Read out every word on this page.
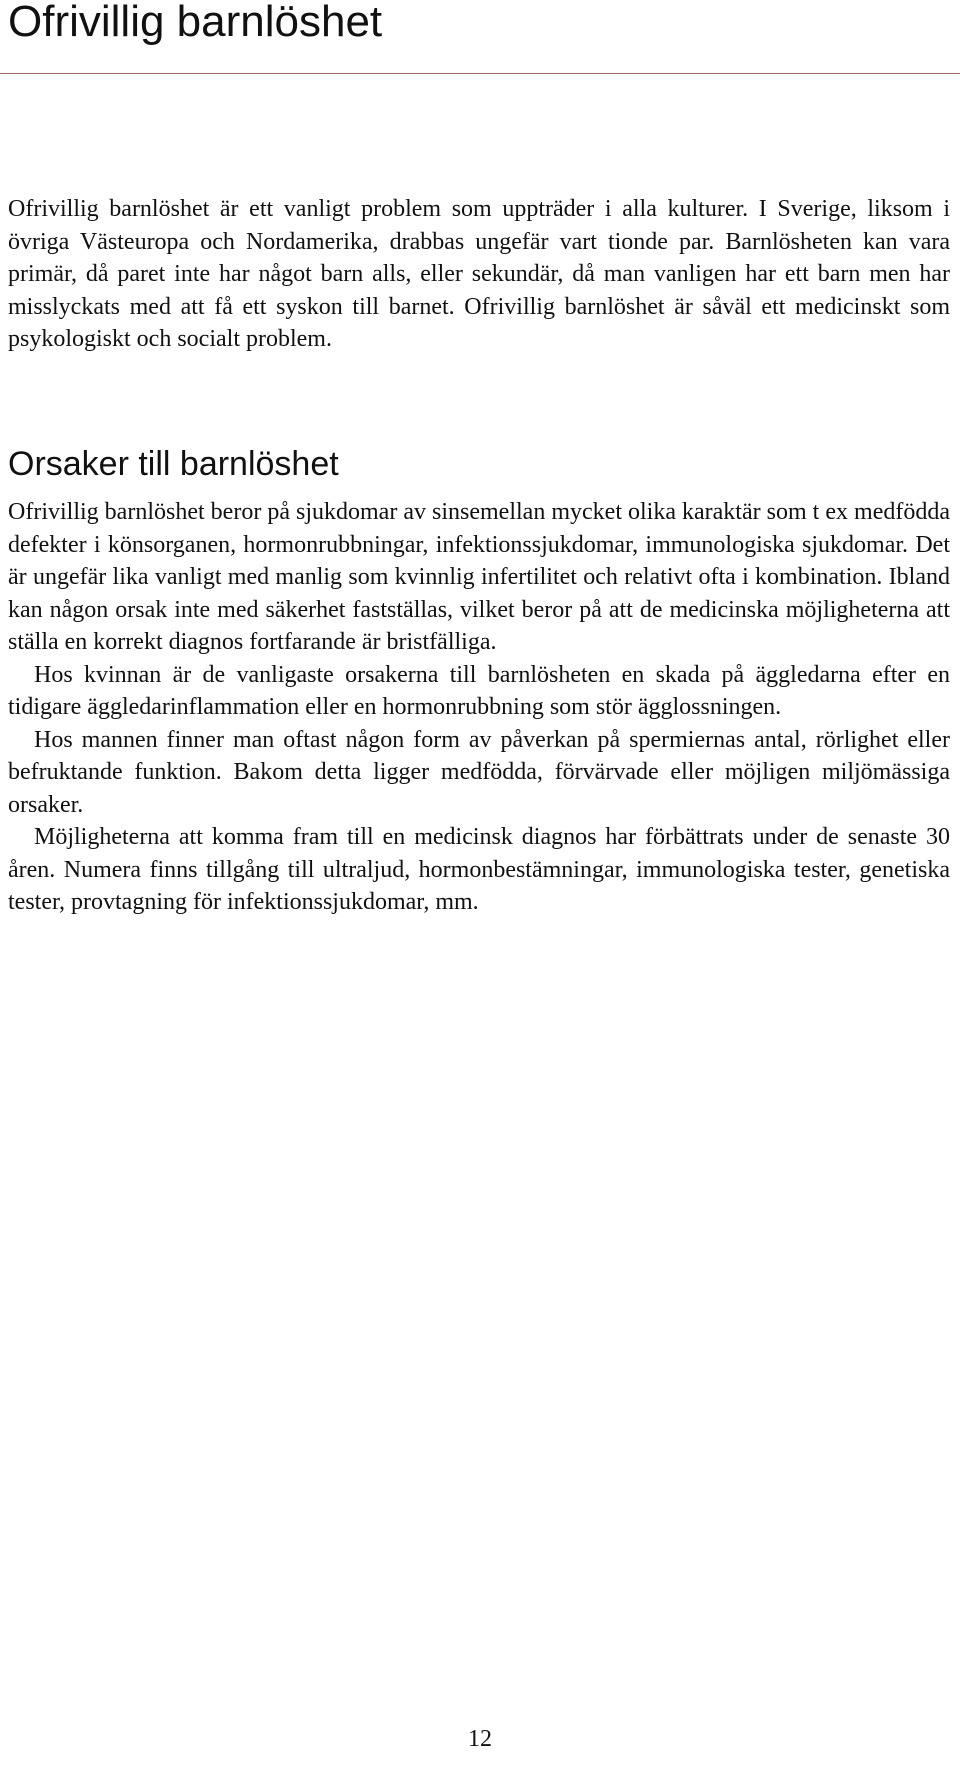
Ofrivillig barnlöshet

Ofrivillig barnlöshet är ett vanligt problem som uppträder i alla kulturer. I Sverige, liksom i övriga Västeuropa och Nordamerika, drabbas ungefär vart tionde par. Barnlösheten kan vara primär, då paret inte har något barn alls, eller sekundär, då man vanligen har ett barn men har misslyckats med att få ett syskon till barnet. Ofrivillig barnlöshet är såväl ett medicinskt som psykologiskt och socialt problem.

Orsaker till barnlöshet

Ofrivillig barnlöshet beror på sjukdomar av sinsemellan mycket olika karaktär som t ex medfödda defekter i könsorganen, hormonrubbningar, infektionssjukdomar, immunologiska sjukdomar. Det är ungefär lika vanligt med manlig som kvinnlig infertilitet och relativt ofta i kombination. Ibland kan någon orsak inte med säkerhet fastställas, vilket beror på att de medicinska möjligheterna att ställa en korrekt diagnos fortfarande är bristfälliga.

Hos kvinnan är de vanligaste orsakerna till barnlösheten en skada på äggledarna efter en tidigare äggledarinflammation eller en hormonrubbning som stör ägglossningen.

Hos mannen finner man oftast någon form av påverkan på spermiernas antal, rörlighet eller befruktande funktion. Bakom detta ligger medfödda, förvärvade eller möjligen miljömässiga orsaker.

Möjligheterna att komma fram till en medicinsk diagnos har förbättrats under de senaste 30 åren. Numera finns tillgång till ultraljud, hormonbestämningar, immunologiska tester, genetiska tester, provtagning för infektionssjukdomar, mm.

12
